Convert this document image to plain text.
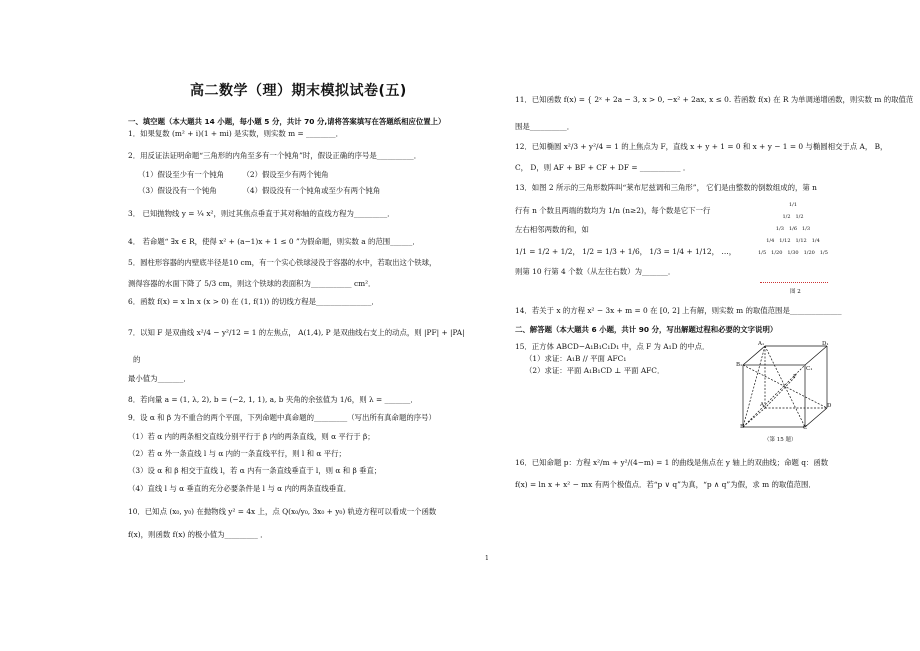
高二数学（理）期末模拟试卷(五)
一、填空题（本大题共 14 小题，每小题 5 分，共计 70 分,请将答案填写在答题纸相应位置上）
1．如果复数 (m² + i)(1 + mi) 是实数，则实数 m = ________．
2．用反证法证明命题“三角形的内角至多有一个钝角”时，假设正确的序号是__________．
（1）假设至少有一个钝角　　　（2）假设至少有两个钝角
（3）假设没有一个钝角　　　　（4）假设没有一个钝角或至少有两个钝角
3． 已知抛物线 y = ¼ x²，则过其焦点垂直于其对称轴的直线方程为_________．
4． 若命题“ ∃x ∈ R，使得 x² + (a−1)x + 1 ≤ 0 ”为假命题，则实数 a 的范围______．
5．圆柱形容器的内壁底半径是10 cm，有一个实心铁球浸没于容器的水中，若取出这个铁球，
测得容器的水面下降了 5/3 cm，则这个铁球的表面积为___________ cm²．
6．函数 f(x) = x ln x (x > 0) 在 (1, f(1)) 的切线方程是_______________．
7．以知 F 是双曲线 x²/4 − y²/12 = 1 的左焦点， A(1,4), P 是双曲线右支上的动点，则 |PF| + |PA|
的
最小值为_______．
8．若向量 a = (1, λ, 2), b = (−2, 1, 1), a, b 夹角的余弦值为 1/6，则 λ = _______．
9．设 α 和 β 为不重合的两个平面，下列命题中真命题的_________（写出所有真命题的序号）
（1）若 α 内的两条相交直线分别平行于 β 内的两条直线，则 α 平行于 β；
（2）若 α 外一条直线 l 与 α 内的一条直线平行，则 l 和 α 平行；
（3）设 α 和 β 相交于直线 l，若 α 内有一条直线垂直于 l，则 α 和 β 垂直；
（4）直线 l 与 α 垂直的充分必要条件是 l 与 α 内的两条直线垂直．
10．已知点 (x₀, y₀) 在抛物线 y² = 4x 上，点 Q(x₀/y₀, 3x₀ + y₀) 轨迹方程可以看成一个函数
f(x)，则函数 f(x) 的极小值为_________ ．
11．已知函数 f(x) = { 2ˣ + 2a − 3, x > 0, −x² + 2ax, x ≤ 0. 若函数 f(x) 在 R 为单调递增函数，则实数 m 的取值范
围是__________．
12．已知椭圆 x²/3 + y²/4 = 1 的上焦点为 F，直线 x + y + 1 = 0 和 x + y − 1 = 0 与椭圆相交于点 A， B，
C， D，则 AF + BF + CF + DF = ___________ ．
13．如图 2 所示的三角形数阵叫“莱布尼兹调和三角形”， 它们是由整数的倒数组成的，第 n
行有 n 个数且两端的数均为 1/n (n≥2)，每个数是它下一行
左右相邻两数的和，如
1/1 = 1/2 + 1/2， 1/2 = 1/3 + 1/6， 1/3 = 1/4 + 1/12， …，
则第 10 行第 4 个数（从左往右数）为_______．
14．若关于 x 的方程 x² − 3x + m = 0 在 [0, 2] 上有解，则实数 m 的取值范围是______________
二、解答题（本大题共 6 小题，共计 90 分，写出解题过程和必要的文字说明）
15．正方体 ABCD−A₁B₁C₁D₁ 中，点 F 为 A₁D 的中点．
（1）求证：A₁B // 平面 AFC₁
（2）求证：平面 A₁B₁CD ⊥ 平面 AFC．
16．已知命题 p：方程 x²/m + y²/(4−m) = 1 的曲线是焦点在 y 轴上的双曲线；命题 q：函数
f(x) = ln x + x² − mx 有两个极值点．若“p ∨ q”为真，“p ∧ q”为假，求 m 的取值范围．
1/1
1/2 1/2
1/3 1/6 1/3
1/4 1/12 1/12 1/4
1/5 1/20 1/30 1/20 1/5
图 2
A₁	D₁
B₁
C₁
F
D
A
B	C
（第 15 题）
1
